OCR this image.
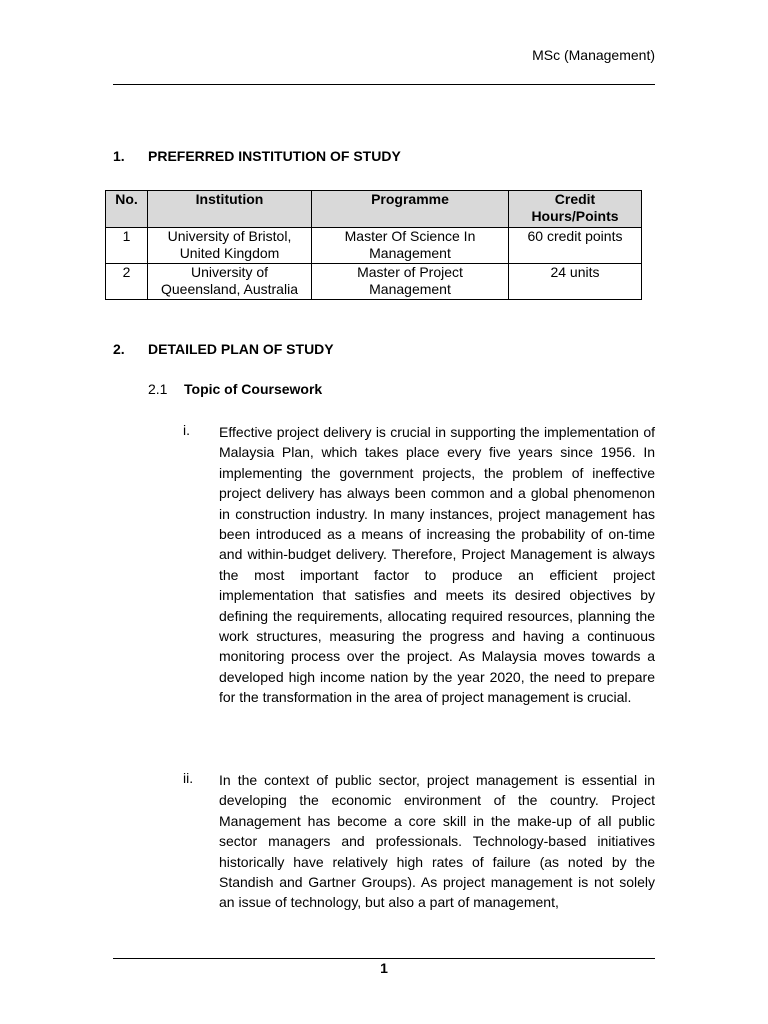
MSc (Management)
1. PREFERRED INSTITUTION OF STUDY
No.	Institution	Programme	Credit Hours/Points
1	University of Bristol, United Kingdom	Master Of Science In Management	60 credit points
2	University of Queensland, Australia	Master of Project Management	24 units
2. DETAILED PLAN OF STUDY
2.1 Topic of Coursework
i. Effective project delivery is crucial in supporting the implementation of Malaysia Plan, which takes place every five years since 1956. In implementing the government projects, the problem of ineffective project delivery has always been common and a global phenomenon in construction industry. In many instances, project management has been introduced as a means of increasing the probability of on-time and within-budget delivery. Therefore, Project Management is always the most important factor to produce an efficient project implementation that satisfies and meets its desired objectives by defining the requirements, allocating required resources, planning the work structures, measuring the progress and having a continuous monitoring process over the project. As Malaysia moves towards a developed high income nation by the year 2020, the need to prepare for the transformation in the area of project management is crucial.
ii. In the context of public sector, project management is essential in developing the economic environment of the country. Project Management has become a core skill in the make-up of all public sector managers and professionals. Technology-based initiatives historically have relatively high rates of failure (as noted by the Standish and Gartner Groups). As project management is not solely an issue of technology, but also a part of management,
1
